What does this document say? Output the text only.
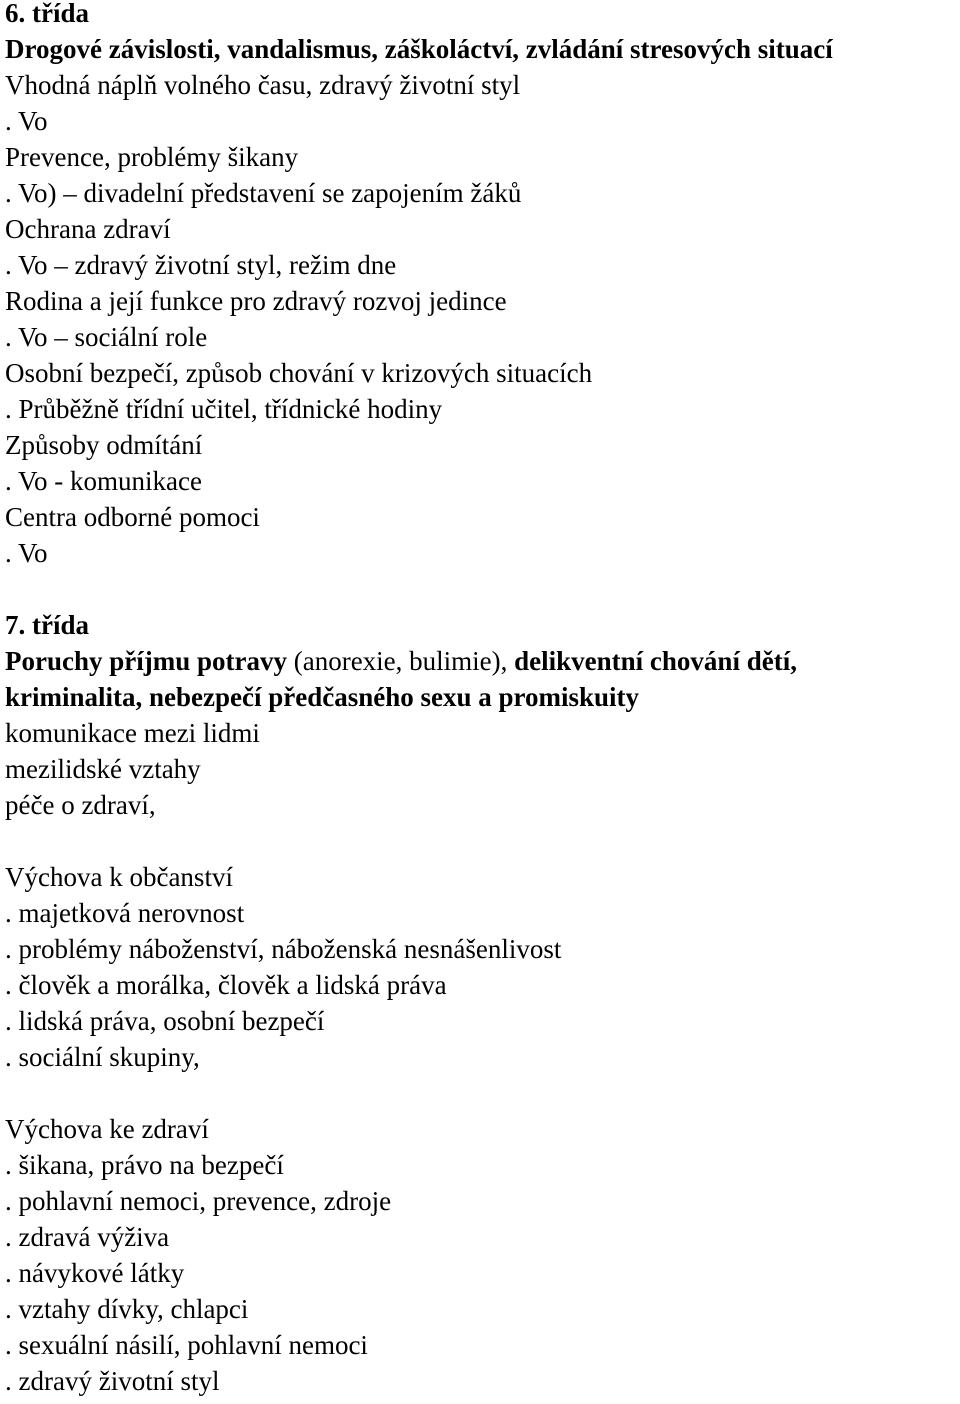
6. třída
Drogové závislosti, vandalismus, záškoláctví, zvládání stresových situací
Vhodná náplň volného času, zdravý životní styl
. Vo
Prevence, problémy šikany
. Vo) – divadelní představení se zapojením žáků
Ochrana zdraví
. Vo – zdravý životní styl, režim dne
Rodina a její funkce pro zdravý rozvoj jedince
. Vo – sociální role
Osobní bezpečí, způsob chování v krizových situacích
. Průběžně třídní učitel, třídnické hodiny
Způsoby odmítání
. Vo - komunikace
Centra odborné pomoci
. Vo
7. třída
Poruchy příjmu potravy (anorexie, bulimie), delikventní chování dětí,
kriminalita, nebezpečí předčasného sexu a promiskuity
komunikace mezi lidmi
mezilidské vztahy
péče o zdraví,
Výchova k občanství
. majetková nerovnost
. problémy náboženství, náboženská nesnášenlivost
. člověk a morálka, člověk a lidská práva
. lidská práva, osobní bezpečí
. sociální skupiny,
Výchova ke zdraví
. šikana, právo na bezpečí
. pohlavní nemoci, prevence, zdroje
. zdravá výživa
. návykové látky
. vztahy dívky, chlapci
. sexuální násilí, pohlavní nemoci
. zdravý životní styl
